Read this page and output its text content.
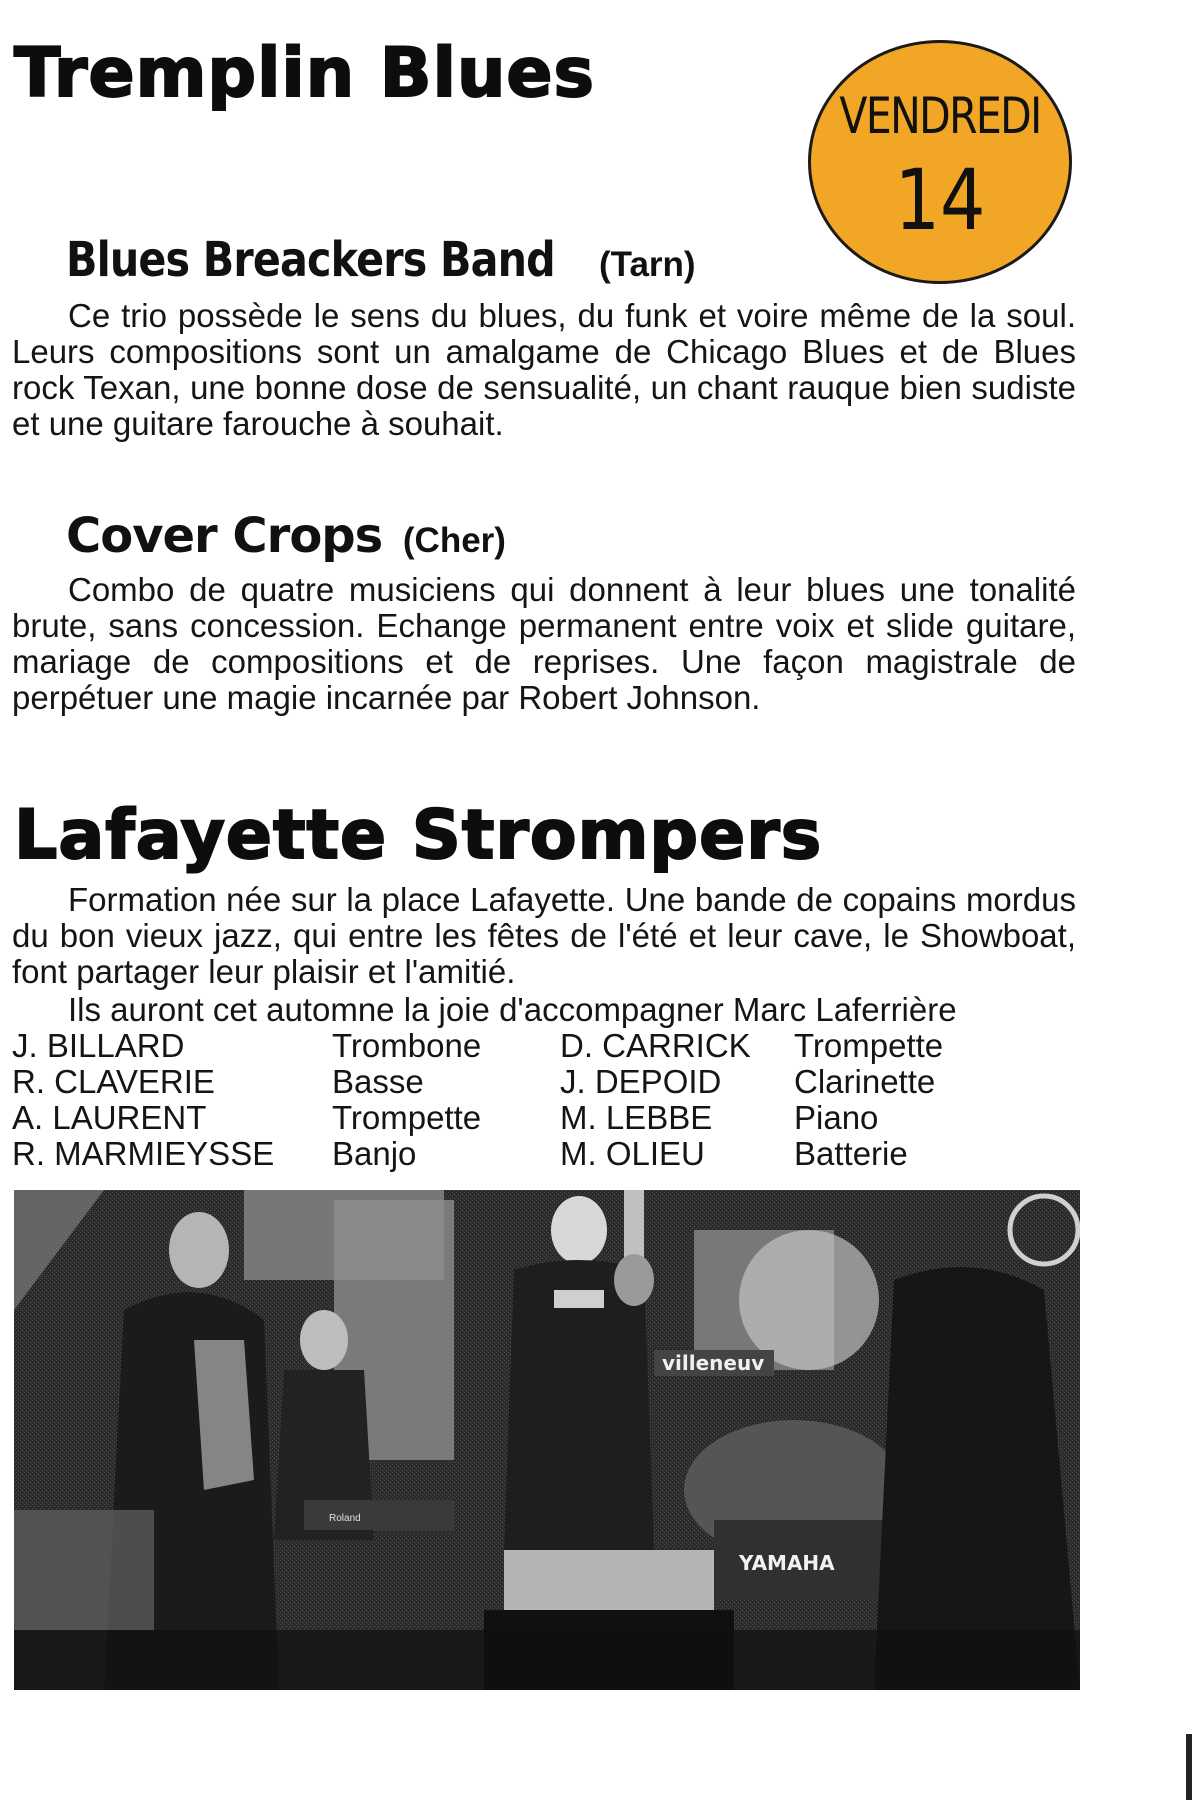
Tremplin Blues
VENDREDI
14
Blues Breackers Band (Tarn)

Ce trio possède le sens du blues, du funk et voire même de la soul. Leurs compositions sont un amalgame de Chicago Blues et de Blues rock Texan, une bonne dose de sensualité, un chant rauque bien sudiste et une guitare farouche à souhait.

Cover Crops (Cher)

Combo de quatre musiciens qui donnent à leur blues une tonalité brute, sans concession. Echange permanent entre voix et slide guitare, mariage de compositions et de reprises. Une façon magistrale de perpétuer une magie incarnée par Robert Johnson.

Lafayette Strompers

Formation née sur la place Lafayette. Une bande de copains mordus du bon vieux jazz, qui entre les fêtes de l'été et leur cave, le Showboat, font partager leur plaisir et l'amitié.

Ils auront cet automne la joie d'accompagner Marc Laferrière

J. BILLARD	Trombone D. CARRICK Trompette
R. CLAVERIE	Basse	J. DEPOID Clarinette
A. LAURENT	Trompette M. LEBBE Piano
R. MARMIEYSSE Banjo	M. OLIEU	Batterie
Roland
villeneuv
YAMAHA
